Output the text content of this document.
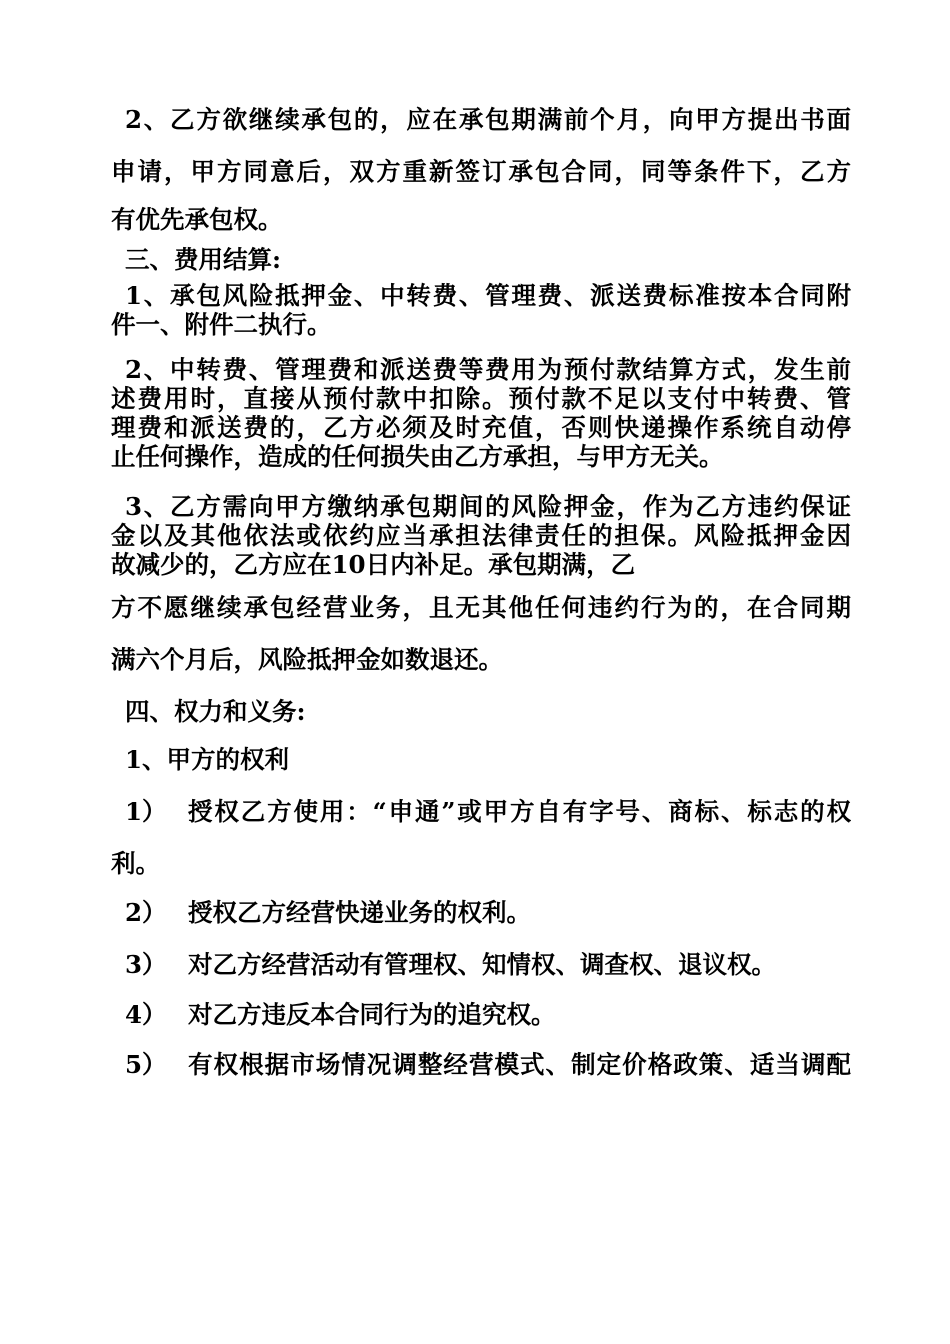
2、乙方欲继续承包的，应在承包期满前个月，向甲方提出书面
申请，甲方同意后，双方重新签订承包合同，同等条件下，乙方
有优先承包权。
三、费用结算:
1、承包风险抵押金、中转费、管理费、派送费标准按本合同附
件一、附件二执行。
2、中转费、管理费和派送费等费用为预付款结算方式，发生前
述费用时，直接从预付款中扣除。预付款不足以支付中转费、管
理费和派送费的，乙方必须及时充值，否则快递操作系统自动停
止任何操作，造成的任何损失由乙方承担，与甲方无关。
3、乙方需向甲方缴纳承包期间的风险押金，作为乙方违约保证
金以及其他依法或依约应当承担法律责任的担保。风险抵押金因
故减少的，乙方应在10日内补足。承包期满，乙
方不愿继续承包经营业务，且无其他任何违约行为的，在合同期
满六个月后，风险抵押金如数退还。
四、权力和义务:
1、甲方的权利
1） 授权乙方使用：“申通”或甲方自有字号、商标、标志的权
利。
2） 授权乙方经营快递业务的权利。
3） 对乙方经营活动有管理权、知情权、调查权、退议权。
4） 对乙方违反本合同行为的追究权。
5） 有权根据市场情况调整经营模式、制定价格政策、适当调配
